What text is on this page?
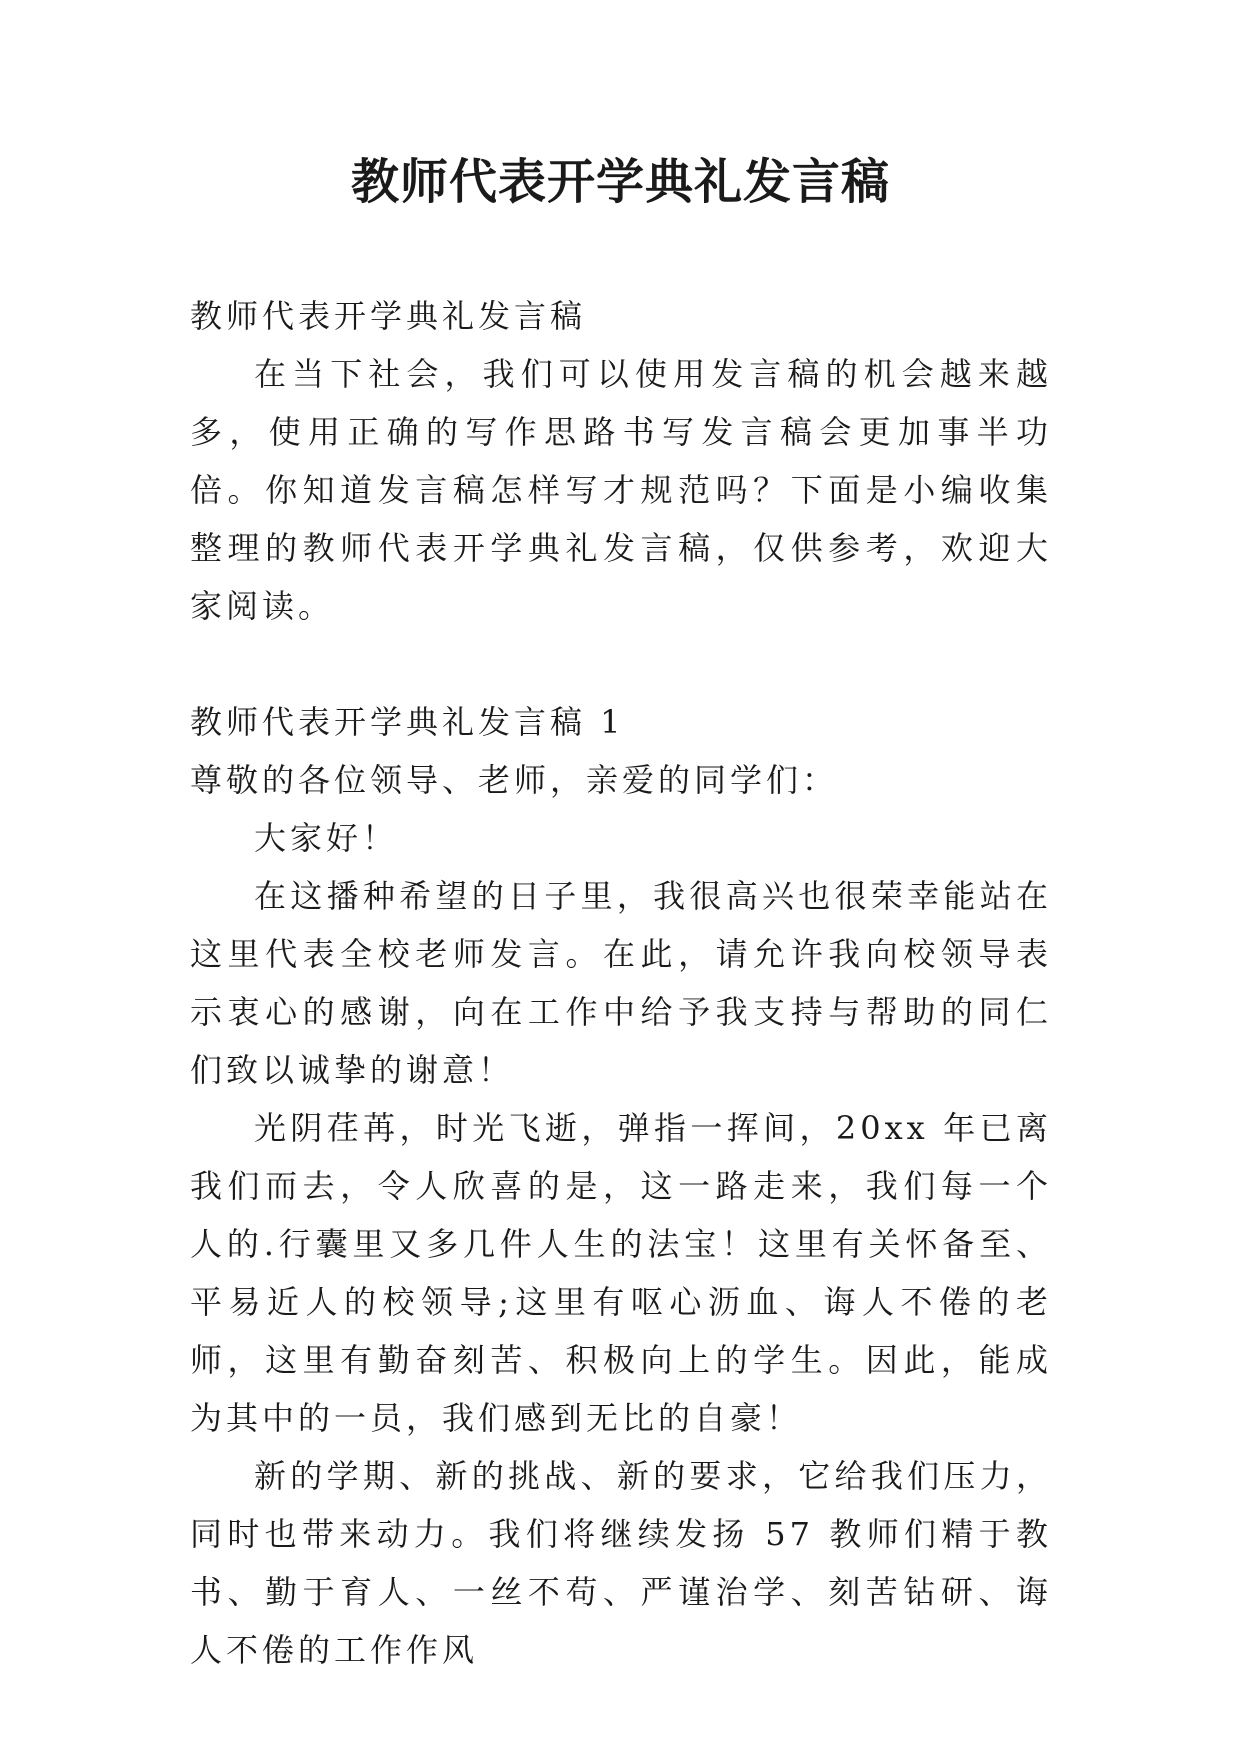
教师代表开学典礼发言稿

教师代表开学典礼发言稿

在当下社会，我们可以使用发言稿的机会越来越多，使用正确的写作思路书写发言稿会更加事半功倍。你知道发言稿怎样写才规范吗？下面是小编收集整理的教师代表开学典礼发言稿，仅供参考，欢迎大家阅读。

教师代表开学典礼发言稿 1

尊敬的各位领导、老师，亲爱的同学们：

大家好！

在这播种希望的日子里，我很高兴也很荣幸能站在这里代表全校老师发言。在此，请允许我向校领导表示衷心的感谢，向在工作中给予我支持与帮助的同仁们致以诚挚的谢意！

光阴荏苒，时光飞逝，弹指一挥间，20xx 年已离我们而去，令人欣喜的是，这一路走来，我们每一个人的.行囊里又多几件人生的法宝！这里有关怀备至、平易近人的校领导;这里有呕心沥血、诲人不倦的老师，这里有勤奋刻苦、积极向上的学生。因此，能成为其中的一员，我们感到无比的自豪！

新的学期、新的挑战、新的要求，它给我们压力，同时也带来动力。我们将继续发扬 57 教师们精于教书、勤于育人、一丝不苟、严谨治学、刻苦钻研、诲人不倦的工作作风
